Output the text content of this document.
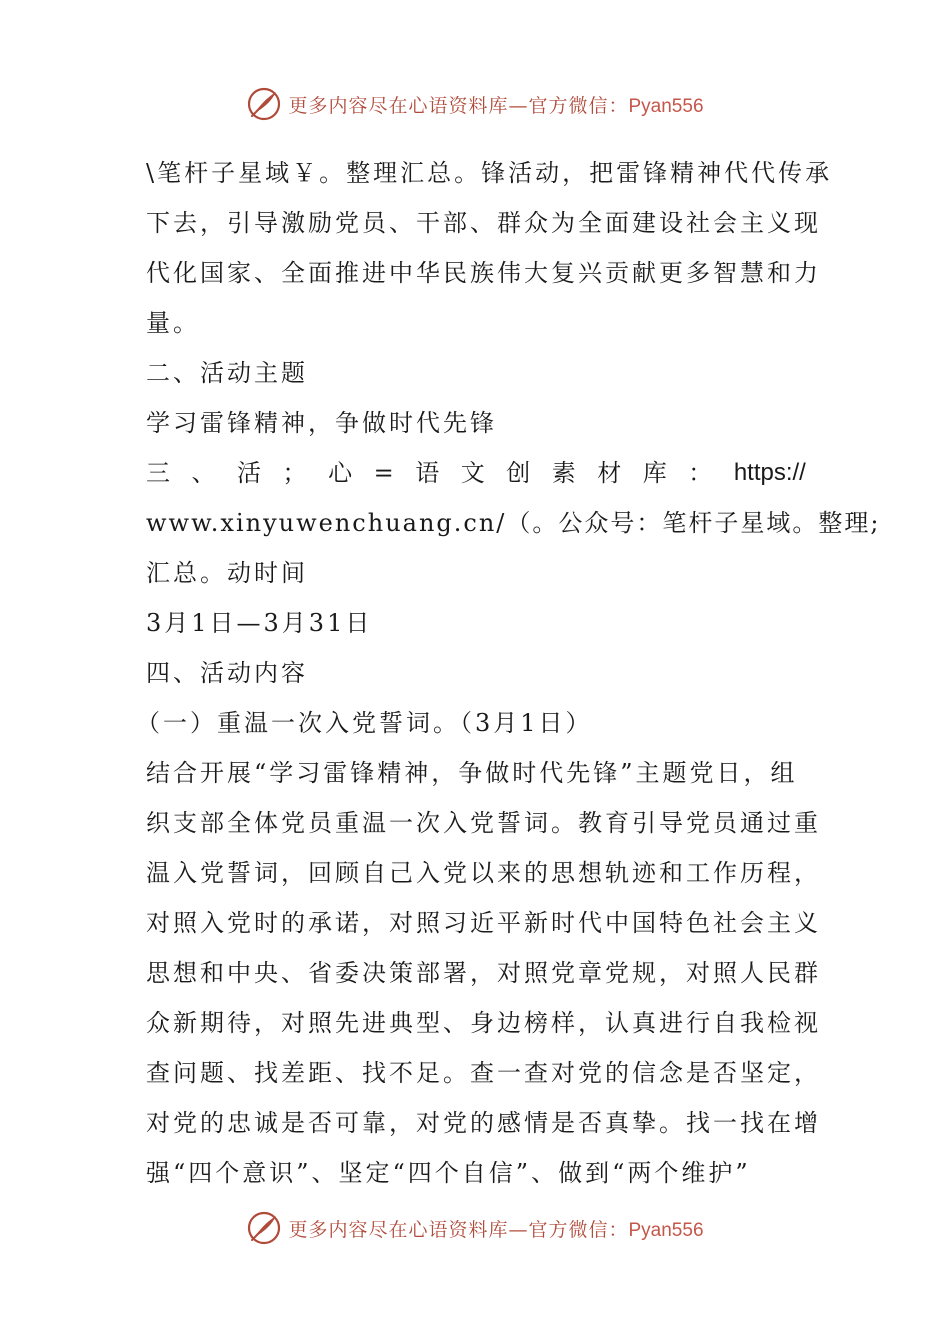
更多内容尽在心语资料库—官方微信：Pyan556
\笔杆子星域￥。整理汇总。锋活动，把雷锋精神代代传承
下去，引导激励党员、干部、群众为全面建设社会主义现
代化国家、全面推进中华民族伟大复兴贡献更多智慧和力
量。
二、活动主题
学习雷锋精神，争做时代先锋
三 、 活 ； 心 = 语 文 创 素 材 库 ： https://
www.xinyuwenchuang.cn/（。公众号：笔杆子星域。整理;
汇总。动时间
3月1日—3月31日
四、活动内容
（一）重温一次入党誓词。（3月1日）
结合开展“学习雷锋精神，争做时代先锋”主题党日，组
织支部全体党员重温一次入党誓词。教育引导党员通过重
温入党誓词，回顾自己入党以来的思想轨迹和工作历程，
对照入党时的承诺，对照习近平新时代中国特色社会主义
思想和中央、省委决策部署，对照党章党规，对照人民群
众新期待，对照先进典型、身边榜样，认真进行自我检视
查问题、找差距、找不足。查一查对党的信念是否坚定，
对党的忠诚是否可靠，对党的感情是否真挚。找一找在增
强“四个意识”、坚定“四个自信”、做到“两个维护”
更多内容尽在心语资料库—官方微信：Pyan556
